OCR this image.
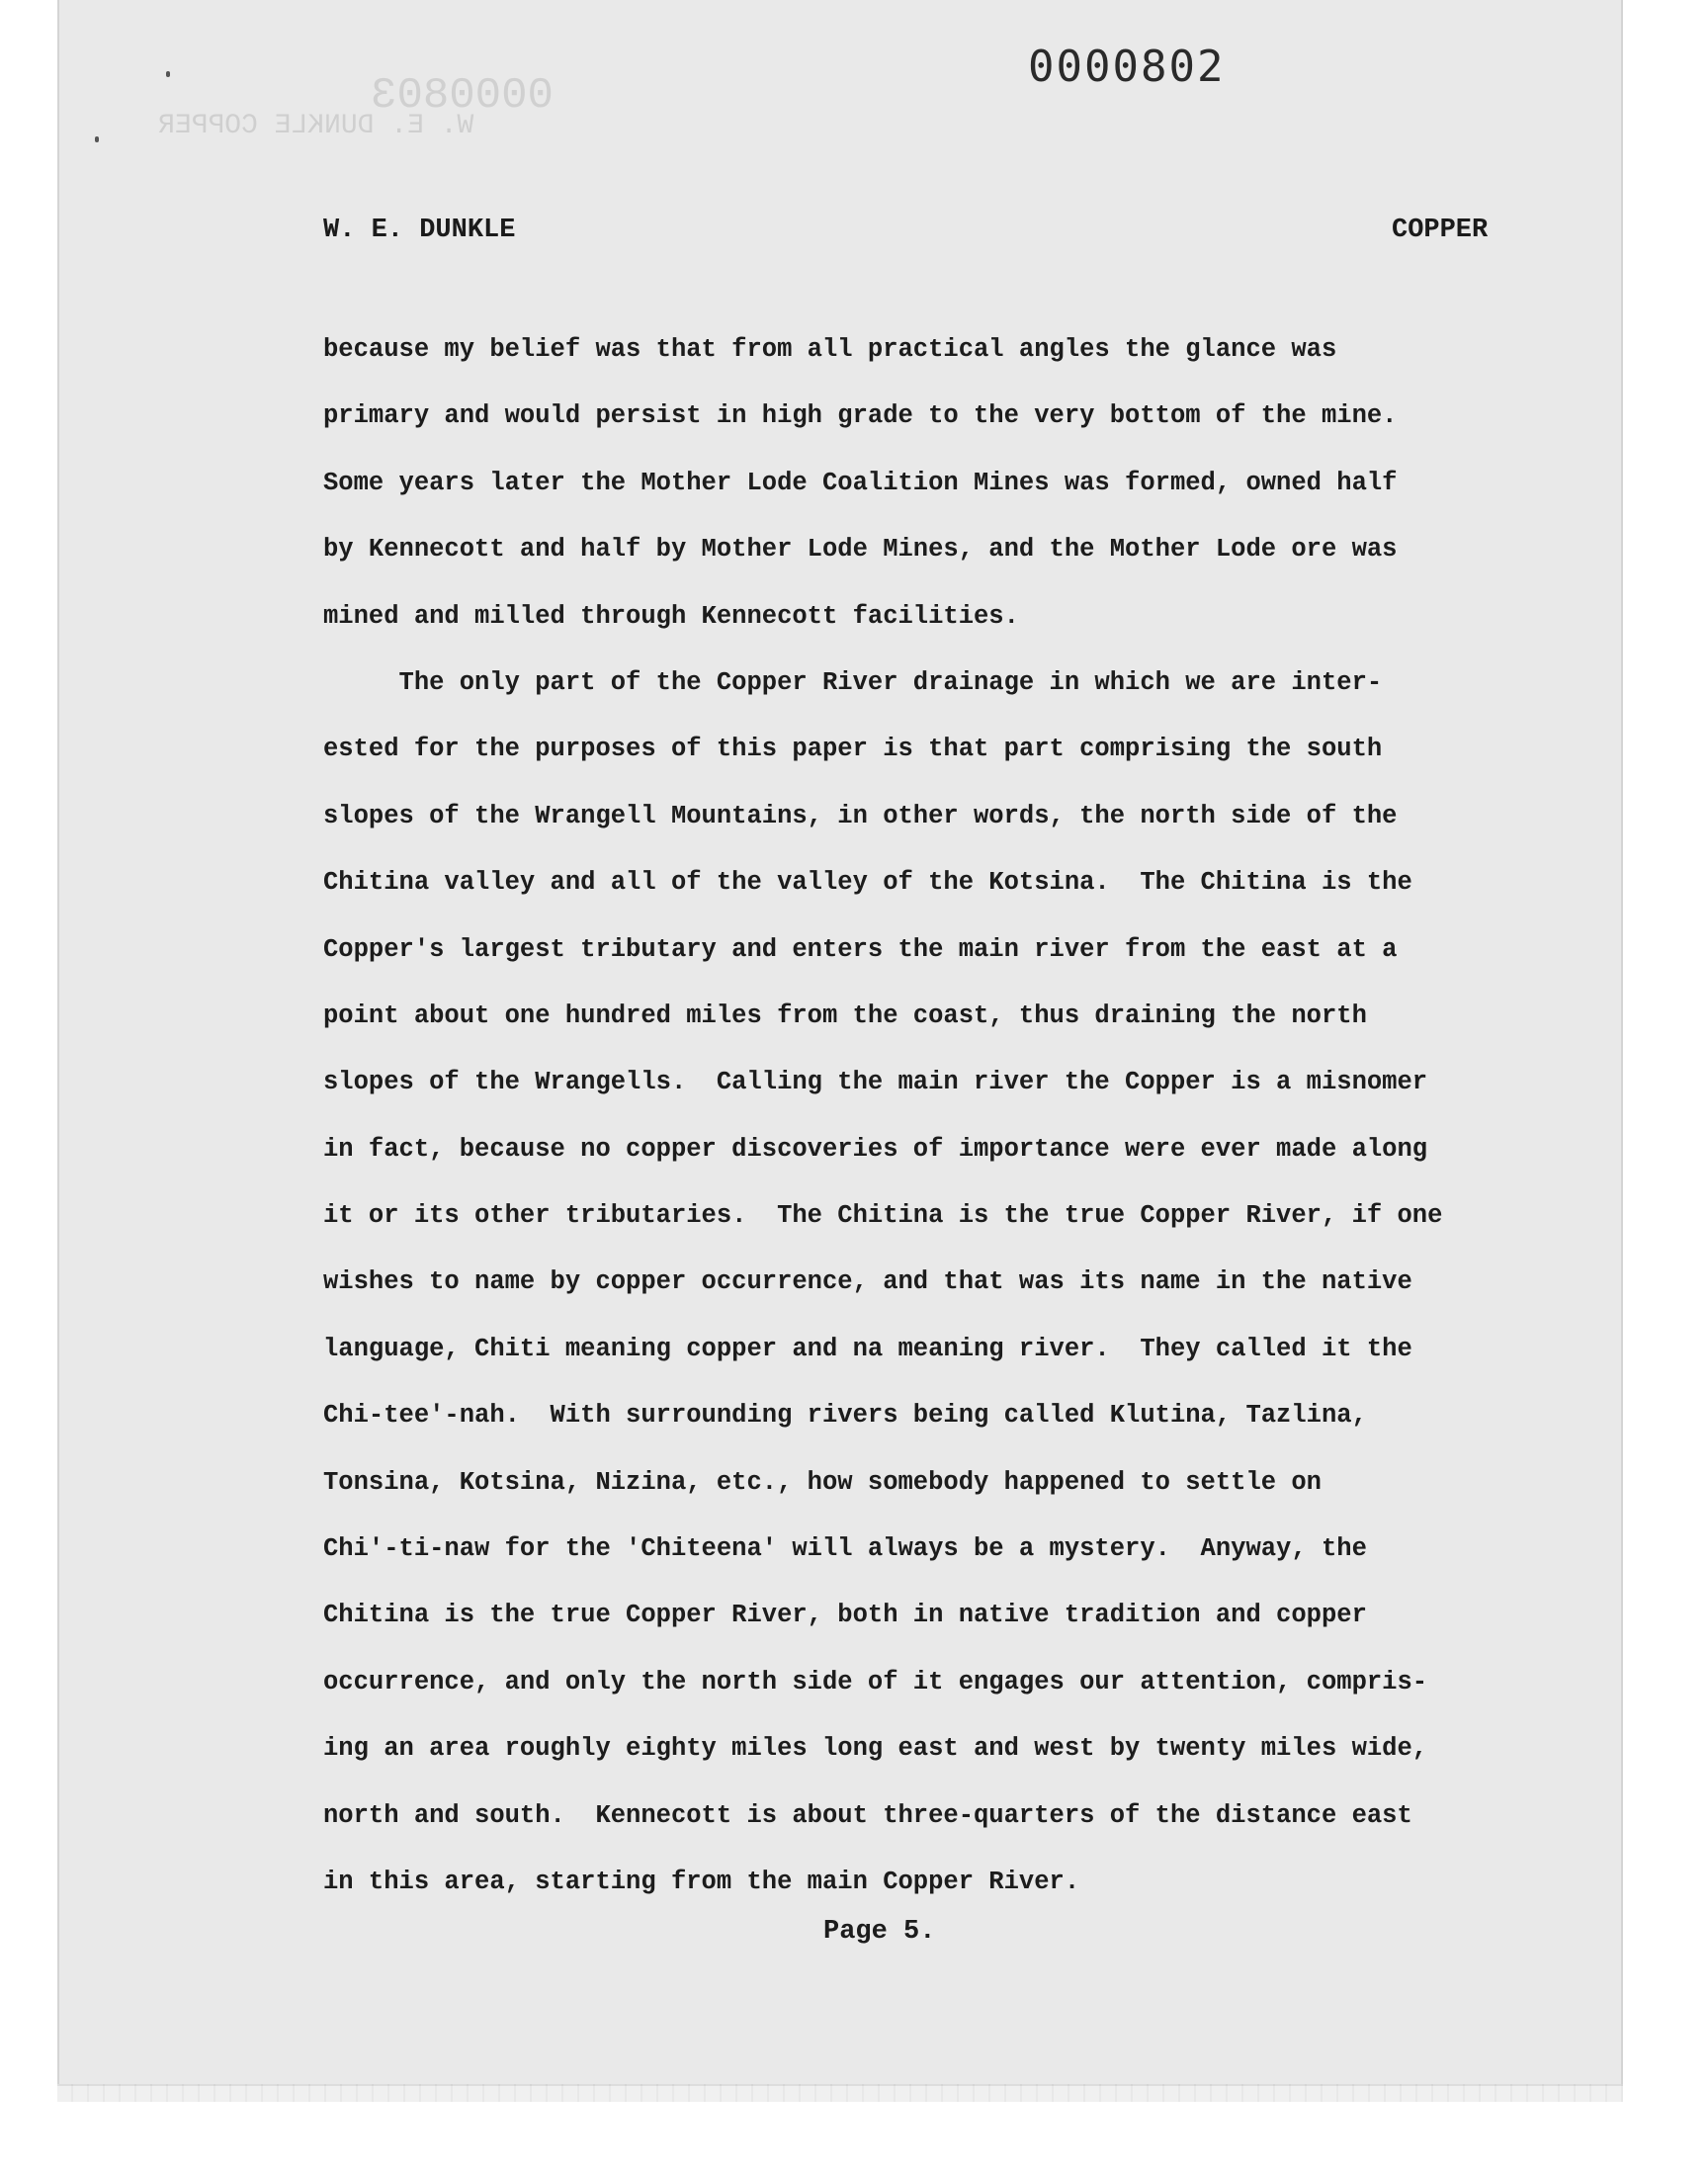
0000803
W. E. DUNKLE COPPER
0000802
W. E. DUNKLE	COPPER
because my belief was that from all practical angles the glance was
primary and would persist in high grade to the very bottom of the mine.
Some years later the Mother Lode Coalition Mines was formed, owned half
by Kennecott and half by Mother Lode Mines, and the Mother Lode ore was
mined and milled through Kennecott facilities.
The only part of the Copper River drainage in which we are inter-
ested for the purposes of this paper is that part comprising the south
slopes of the Wrangell Mountains, in other words, the north side of the
Chitina valley and all of the valley of the Kotsina.  The Chitina is the
Copper's largest tributary and enters the main river from the east at a
point about one hundred miles from the coast, thus draining the north
slopes of the Wrangells.  Calling the main river the Copper is a misnomer
in fact, because no copper discoveries of importance were ever made along
it or its other tributaries.  The Chitina is the true Copper River, if one
wishes to name by copper occurrence, and that was its name in the native
language, Chiti meaning copper and na meaning river.  They called it the
Chi-tee'-nah.  With surrounding rivers being called Klutina, Tazlina,
Tonsina, Kotsina, Nizina, etc., how somebody happened to settle on
Chi'-ti-naw for the 'Chiteena' will always be a mystery.  Anyway, the
Chitina is the true Copper River, both in native tradition and copper
occurrence, and only the north side of it engages our attention, compris-
ing an area roughly eighty miles long east and west by twenty miles wide,
north and south.  Kennecott is about three-quarters of the distance east
in this area, starting from the main Copper River.
Page 5.
